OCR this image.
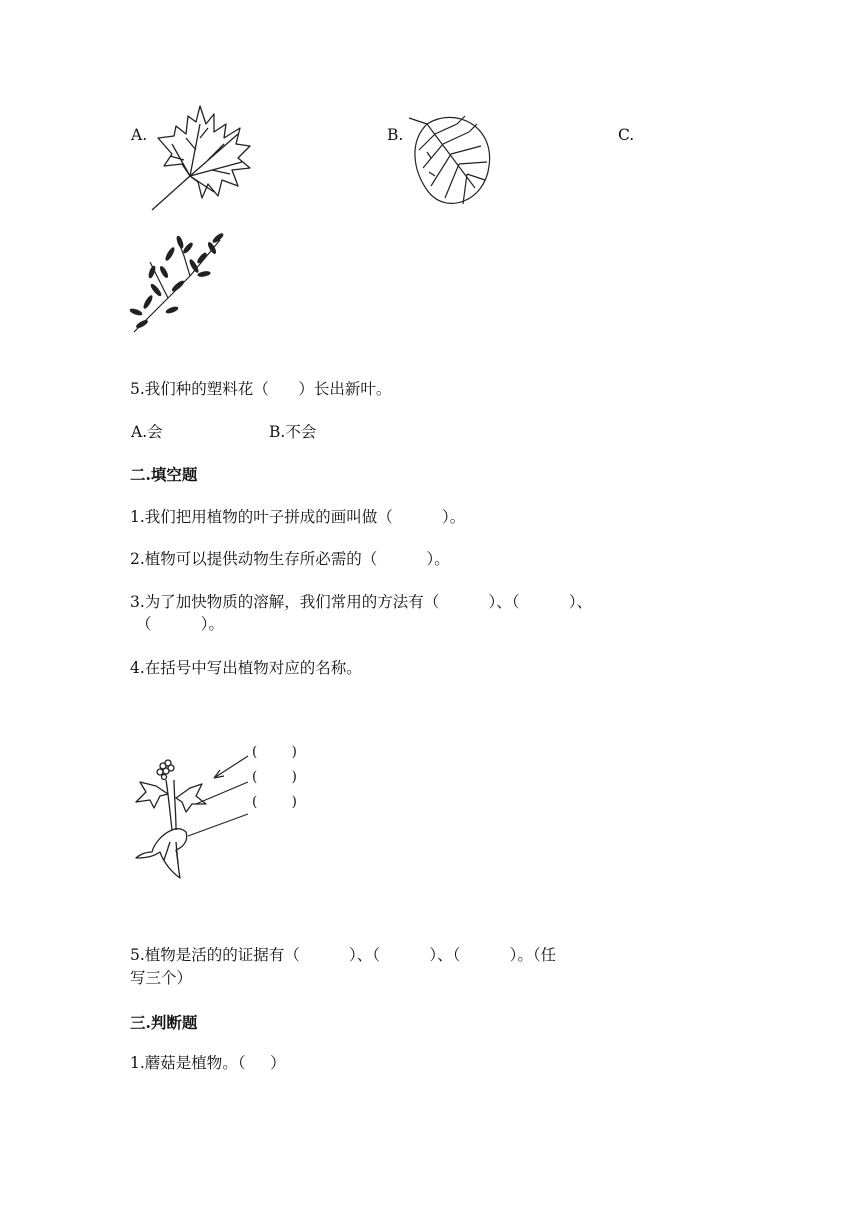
A.	B.	C.
5.我们种的塑料花（      ）长出新叶。
A.会	B.不会
二.填空题
1.我们把用植物的叶子拼成的画叫做（          ）。
2.植物可以提供动物生存所必需的（          ）。
3.为了加快物质的溶解，我们常用的方法有（          ）、（          ）、
（          ）。
4.在括号中写出植物对应的名称。
(        )
(        )
(        )
5.植物是活的的证据有（          ）、（          ）、（          ）。（任
写三个）
三.判断题
1.蘑菇是植物。（     ）
